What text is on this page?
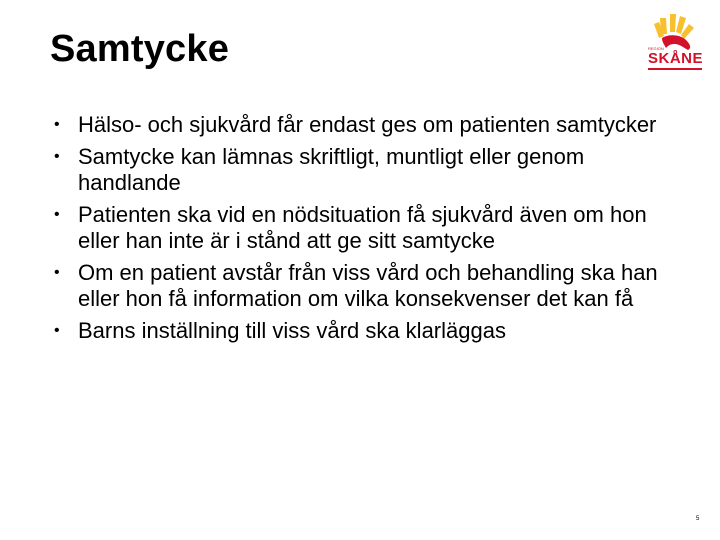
Samtycke	REGION
SKÅNE
• Hälso- och sjukvård får endast ges om patienten samtycker
• Samtycke kan lämnas skriftligt, muntligt eller genom handlande
• Patienten ska vid en nödsituation få sjukvård även om hon eller han inte är i stånd att ge sitt samtycke
• Om en patient avstår från viss vård och behandling ska han eller hon få information om vilka konsekvenser det kan få
• Barns inställning till viss vård ska klarläggas
5
